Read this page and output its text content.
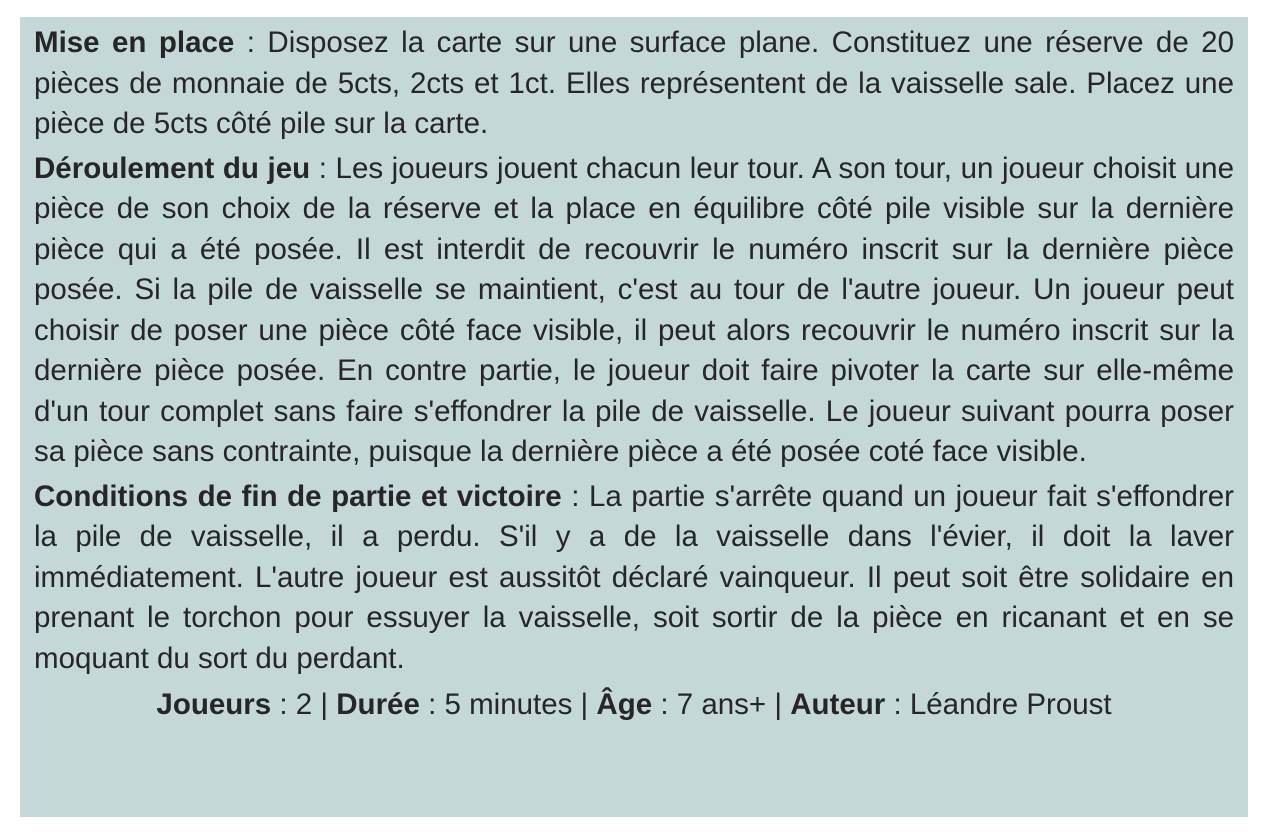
Mise en place : Disposez la carte sur une surface plane. Constituez une réserve de 20 pièces de monnaie de 5cts, 2cts et 1ct. Elles représentent de la vaisselle sale. Placez une pièce de 5cts côté pile sur la carte.

Déroulement du jeu : Les joueurs jouent chacun leur tour. A son tour, un joueur choisit une pièce de son choix de la réserve et la place en équilibre côté pile visible sur la dernière pièce qui a été posée. Il est interdit de recouvrir le numéro inscrit sur la dernière pièce posée. Si la pile de vaisselle se maintient, c'est au tour de l'autre joueur. Un joueur peut choisir de poser une pièce côté face visible, il peut alors recouvrir le numéro inscrit sur la dernière pièce posée. En contre partie, le joueur doit faire pivoter la carte sur elle-même d'un tour complet sans faire s'effondrer la pile de vaisselle. Le joueur suivant pourra poser sa pièce sans contrainte, puisque la dernière pièce a été posée coté face visible.

Conditions de fin de partie et victoire : La partie s'arrête quand un joueur fait s'effondrer la pile de vaisselle, il a perdu. S'il y a de la vaisselle dans l'évier, il doit la laver immédiatement. L'autre joueur est aussitôt déclaré vainqueur. Il peut soit être solidaire en prenant le torchon pour essuyer la vaisselle, soit sortir de la pièce en ricanant et en se moquant du sort du perdant.

Joueurs : 2 | Durée : 5 minutes | Âge : 7 ans+ | Auteur : Léandre Proust
